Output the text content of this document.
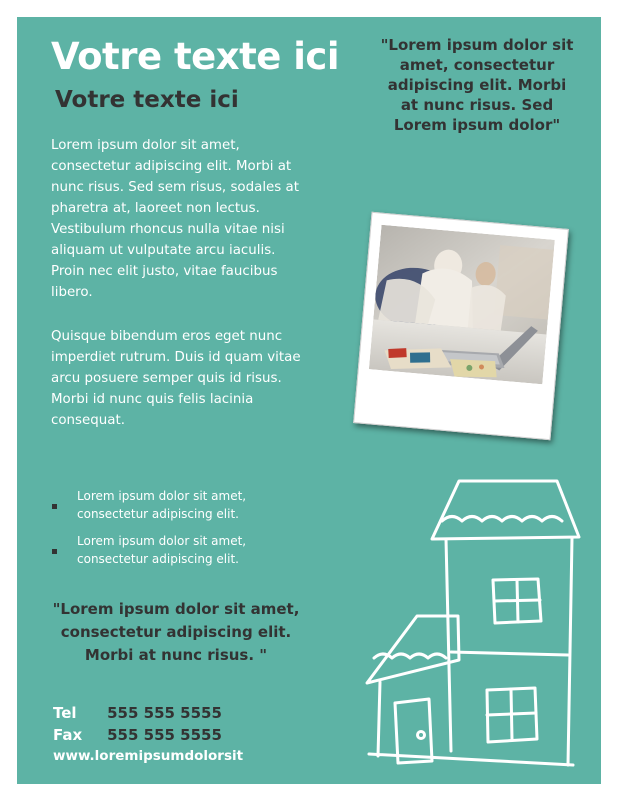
Votre texte ici
Votre texte ici

"Lorem ipsum dolor sit amet, consectetur adipiscing elit. Morbi at nunc risus. Sed Lorem ipsum dolor"

Lorem ipsum dolor sit amet, consectetur adipiscing elit. Morbi at nunc risus. Sed sem risus, sodales at pharetra at, laoreet non lectus. Vestibulum rhoncus nulla vitae nisi aliquam ut vulputate arcu iaculis. Proin nec elit justo, vitae faucibus libero.

Quisque bibendum eros eget nunc imperdiet rutrum. Duis id quam vitae arcu posuere semper quis id risus. Morbi id nunc quis felis lacinia consequat.

Lorem ipsum dolor sit amet, consectetur adipiscing elit.
Lorem ipsum dolor sit amet, consectetur adipiscing elit.

"Lorem ipsum dolor sit amet, consectetur adipiscing elit. Morbi at nunc risus. "

Tel 555 555 5555
Fax 555 555 5555
www.loremipsumdolorsit
